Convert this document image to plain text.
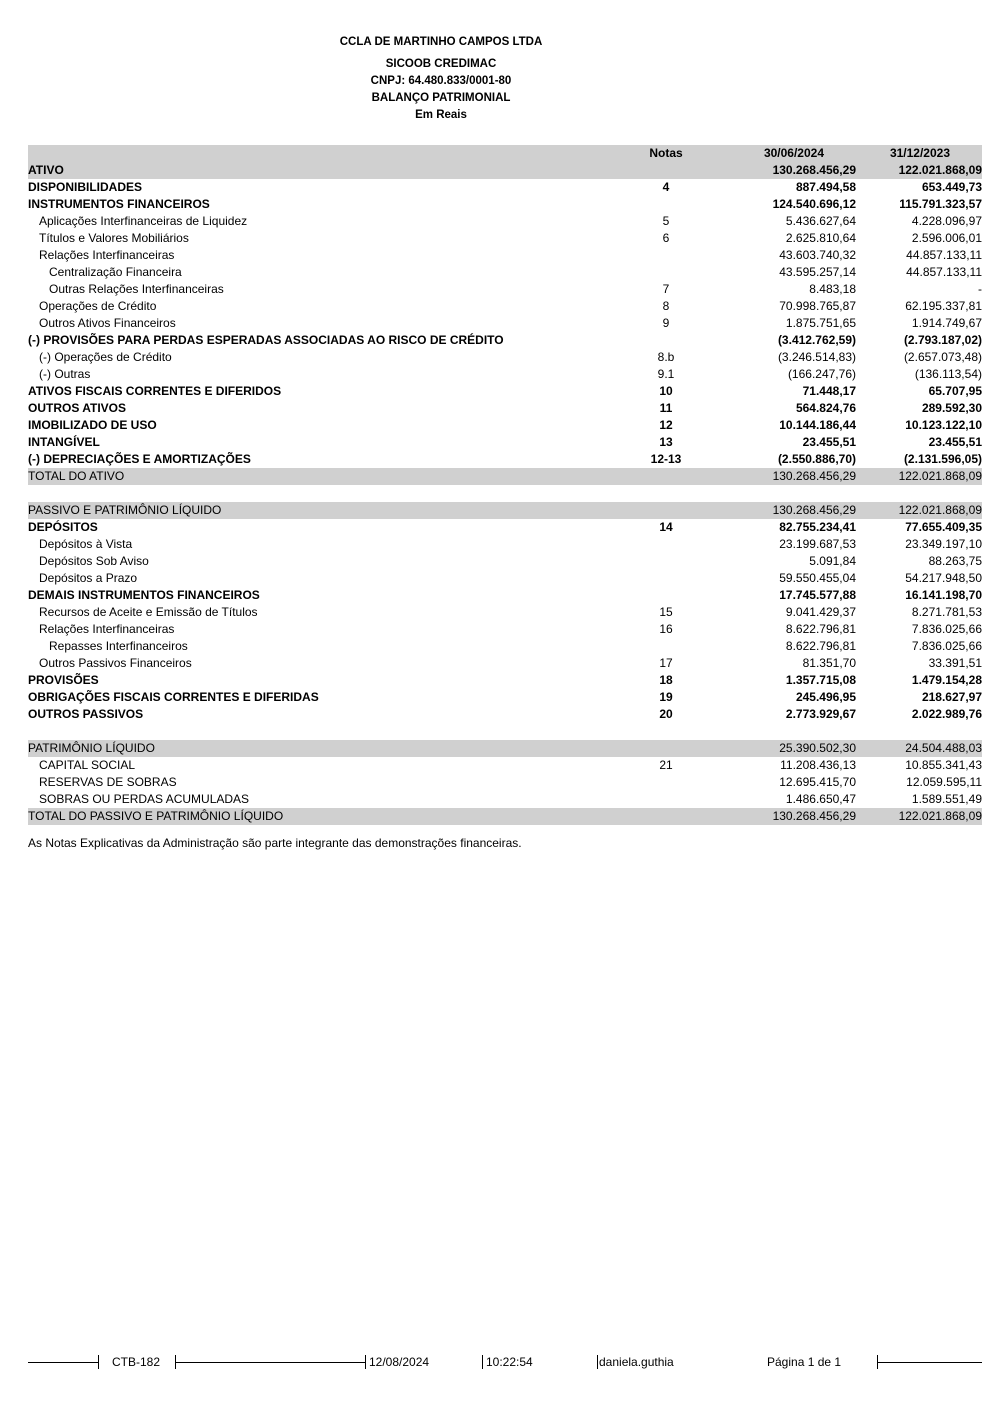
CCLA DE MARTINHO CAMPOS LTDA
SICOOB CREDIMAC
CNPJ: 64.480.833/0001-80
BALANÇO PATRIMONIAL
Em Reais
Notas	30/06/2024	31/12/2023
ATIVO	130.268.456,29	122.021.868,09
DISPONIBILIDADES	4	887.494,58	653.449,73
INSTRUMENTOS FINANCEIROS	124.540.696,12	115.791.323,57
Aplicações Interfinanceiras de Liquidez	5	5.436.627,64	4.228.096,97
Títulos e Valores Mobiliários	6	2.625.810,64	2.596.006,01
Relações Interfinanceiras	43.603.740,32	44.857.133,11
Centralização Financeira	43.595.257,14	44.857.133,11
Outras Relações Interfinanceiras	7	8.483,18	-
Operações de Crédito	8	70.998.765,87	62.195.337,81
Outros Ativos Financeiros	9	1.875.751,65	1.914.749,67
(-) PROVISÕES PARA PERDAS ESPERADAS ASSOCIADAS AO RISCO DE CRÉDITO	(3.412.762,59)	(2.793.187,02)
(-) Operações de Crédito	8.b	(3.246.514,83)	(2.657.073,48)
(-) Outras	9.1	(166.247,76)	(136.113,54)
ATIVOS FISCAIS CORRENTES E DIFERIDOS	10	71.448,17	65.707,95
OUTROS ATIVOS	11	564.824,76	289.592,30
IMOBILIZADO DE USO	12	10.144.186,44	10.123.122,10
INTANGÍVEL	13	23.455,51	23.455,51
(-) DEPRECIAÇÕES E AMORTIZAÇÕES	12-13	(2.550.886,70)	(2.131.596,05)
TOTAL DO ATIVO	130.268.456,29	122.021.868,09
PASSIVO E PATRIMÔNIO LÍQUIDO	130.268.456,29	122.021.868,09
DEPÓSITOS	14	82.755.234,41	77.655.409,35
Depósitos à Vista	23.199.687,53	23.349.197,10
Depósitos Sob Aviso	5.091,84	88.263,75
Depósitos a Prazo	59.550.455,04	54.217.948,50
DEMAIS INSTRUMENTOS FINANCEIROS	17.745.577,88	16.141.198,70
Recursos de Aceite e Emissão de Títulos	15	9.041.429,37	8.271.781,53
Relações Interfinanceiras	16	8.622.796,81	7.836.025,66
Repasses Interfinanceiros	8.622.796,81	7.836.025,66
Outros Passivos Financeiros	17	81.351,70	33.391,51
PROVISÕES	18	1.357.715,08	1.479.154,28
OBRIGAÇÕES FISCAIS CORRENTES E DIFERIDAS	19	245.496,95	218.627,97
OUTROS PASSIVOS	20	2.773.929,67	2.022.989,76
PATRIMÔNIO LÍQUIDO	25.390.502,30	24.504.488,03
CAPITAL SOCIAL	21	11.208.436,13	10.855.341,43
RESERVAS DE SOBRAS	12.695.415,70	12.059.595,11
SOBRAS OU PERDAS ACUMULADAS	1.486.650,47	1.589.551,49
TOTAL DO PASSIVO E PATRIMÔNIO LÍQUIDO	130.268.456,29	122.021.868,09
As Notas Explicativas da Administração são parte integrante das demonstrações financeiras.
CTB-182	12/08/2024	10:22:54	daniela.guthia	Página 1 de 1
